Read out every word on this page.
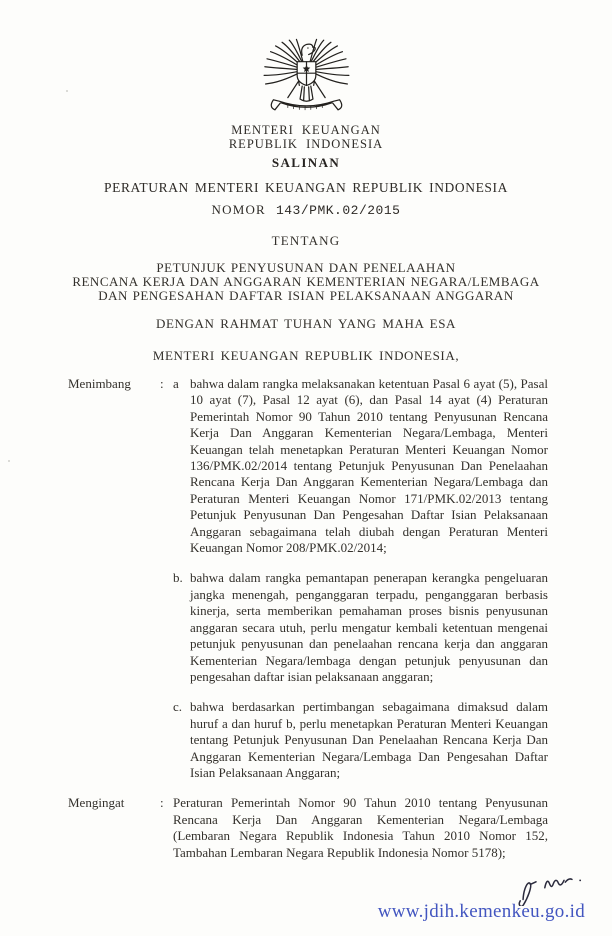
MENTERI KEUANGAN
REPUBLIK INDONESIA
SALINAN
PERATURAN MENTERI KEUANGAN REPUBLIK INDONESIA
NOMOR 143/PMK.02/2015
TENTANG
PETUNJUK PENYUSUNAN DAN PENELAAHAN
RENCANA KERJA DAN ANGGARAN KEMENTERIAN NEGARA/LEMBAGA
DAN PENGESAHAN DAFTAR ISIAN PELAKSANAAN ANGGARAN
DENGAN RAHMAT TUHAN YANG MAHA ESA
MENTERI KEUANGAN REPUBLIK INDONESIA,
Menimbang	: a bahwa dalam rangka melaksanakan ketentuan Pasal 6 ayat (5), Pasal 10 ayat (7), Pasal 12 ayat (6), dan Pasal 14 ayat (4) Peraturan Pemerintah Nomor 90 Tahun 2010 tentang Penyusunan Rencana Kerja Dan Anggaran Kementerian Negara/Lembaga, Menteri Keuangan telah menetapkan Peraturan Menteri Keuangan Nomor 136/PMK.02/2014 tentang Petunjuk Penyusunan Dan Penelaahan Rencana Kerja Dan Anggaran Kementerian Negara/Lembaga dan Peraturan Menteri Keuangan Nomor 171/PMK.02/2013 tentang Petunjuk Penyusunan Dan Pengesahan Daftar Isian Pelaksanaan Anggaran sebagaimana telah diubah dengan Peraturan Menteri Keuangan Nomor 208/PMK.02/2014;

b. bahwa dalam rangka pemantapan penerapan kerangka pengeluaran jangka menengah, penganggaran terpadu, penganggaran berbasis kinerja, serta memberikan pemahaman proses bisnis penyusunan anggaran secara utuh, perlu mengatur kembali ketentuan mengenai petunjuk penyusunan dan penelaahan rencana kerja dan anggaran Kementerian Negara/lembaga dengan petunjuk penyusunan dan pengesahan daftar isian pelaksanaan anggaran;

c. bahwa berdasarkan pertimbangan sebagaimana dimaksud dalam huruf a dan huruf b, perlu menetapkan Peraturan Menteri Keuangan tentang Petunjuk Penyusunan Dan Penelaahan Rencana Kerja Dan Anggaran Kementerian Negara/Lembaga Dan Pengesahan Daftar Isian Pelaksanaan Anggaran;

Mengingat	: Peraturan Pemerintah Nomor 90 Tahun 2010 tentang Penyusunan Rencana Kerja Dan Anggaran Kementerian Negara/Lembaga (Lembaran Negara Republik Indonesia Tahun 2010 Nomor 152, Tambahan Lembaran Negara Republik Indonesia Nomor 5178);

www.jdih.kemenkeu.go.id
